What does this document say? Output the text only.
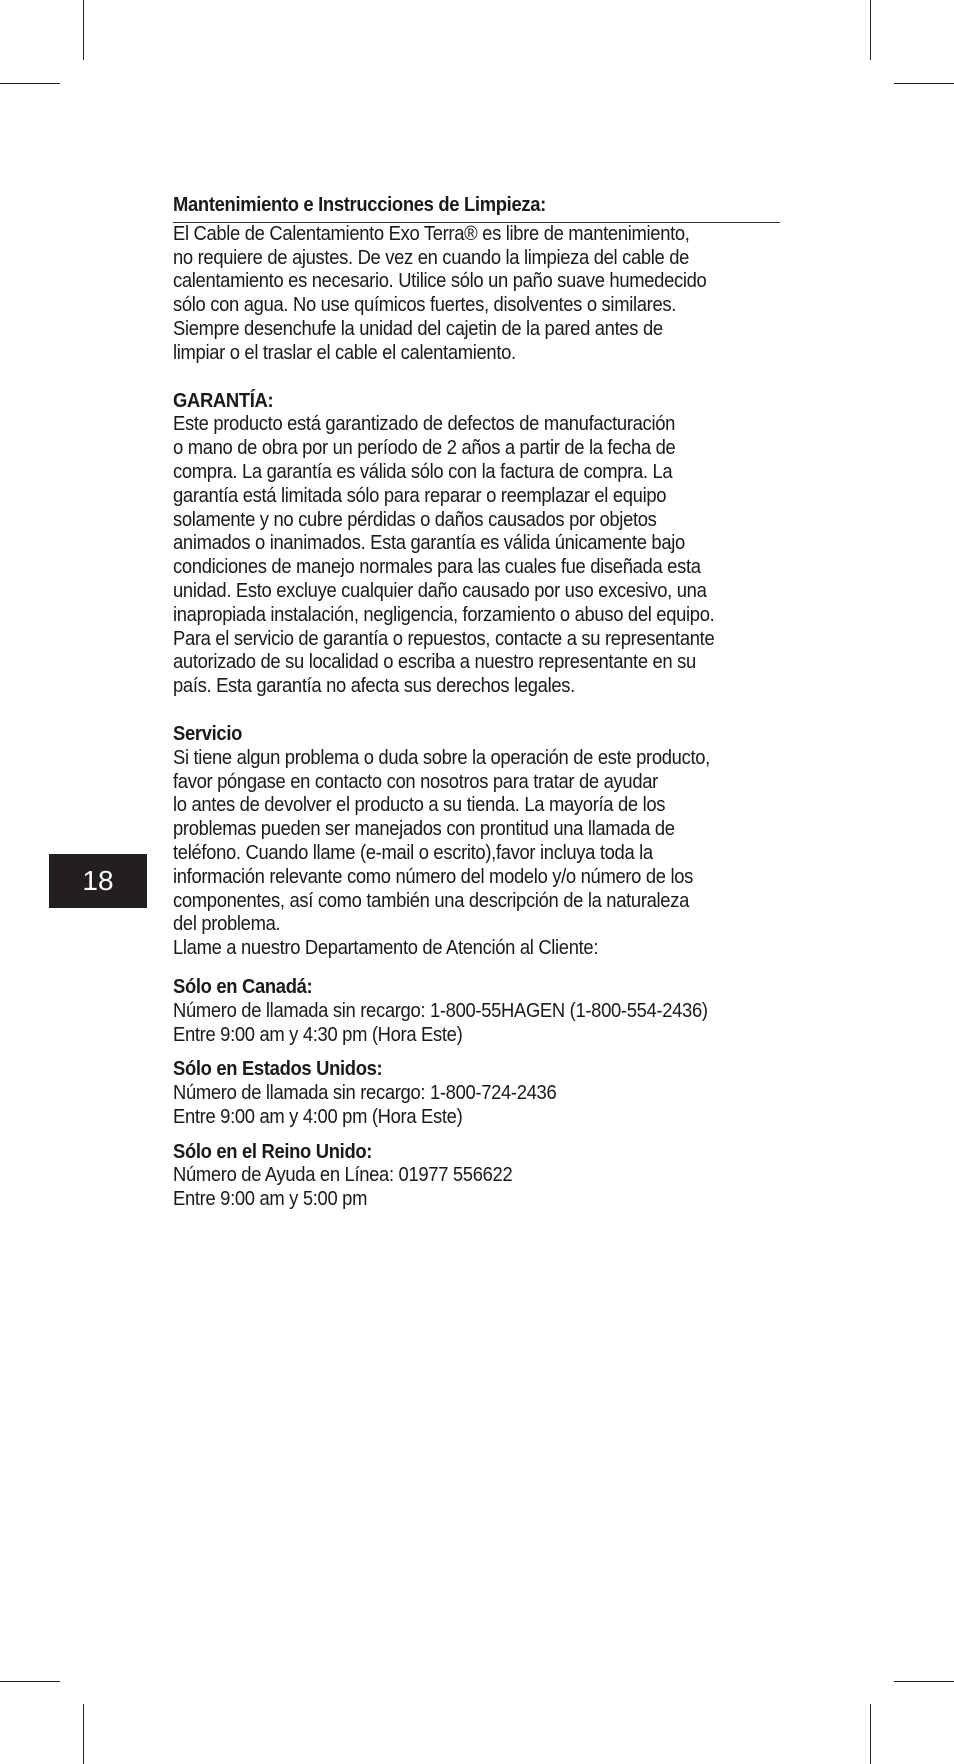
18

Mantenimiento e Instrucciones de Limpieza:

El Cable de Calentamiento Exo Terra® es libre de mantenimiento,

no requiere de ajustes. De vez en cuando la limpieza del cable de

calentamiento es necesario. Utilice sólo un paño suave humedecido

sólo con agua. No use químicos fuertes, disolventes o similares.

Siempre desenchufe la unidad del cajetin de la pared antes de

limpiar o el traslar el cable el calentamiento.

GARANTÍA:

Este producto está garantizado de defectos de manufacturación

o mano de obra por un período de 2 años a partir de la fecha de

compra. La garantía es válida sólo con la factura de compra. La

garantía está limitada sólo para reparar o reemplazar el equipo

solamente y no cubre pérdidas o daños causados por objetos

animados o inanimados. Esta garantía es válida únicamente bajo

condiciones de manejo normales para las cuales fue diseñada esta

unidad. Esto excluye cualquier daño causado por uso excesivo, una

inapropiada instalación, negligencia, forzamiento o abuso del equipo.

Para el servicio de garantía o repuestos, contacte a su representante

autorizado de su localidad o escriba a nuestro representante en su

país. Esta garantía no afecta sus derechos legales.

Servicio

Si tiene algun problema o duda sobre la operación de este producto,

favor póngase en contacto con nosotros para tratar de ayudar

lo antes de devolver el producto a su tienda. La mayoría de los

problemas pueden ser manejados con prontitud una llamada de

teléfono. Cuando llame (e-mail o escrito),favor incluya toda la

información relevante como número del modelo y/o número de los

componentes, así como también una descripción de la naturaleza

del problema.

Llame a nuestro Departamento de Atención al Cliente:

Sólo en Canadá:

Número de llamada sin recargo: 1-800-55HAGEN (1-800-554-2436)

Entre 9:00 am y 4:30 pm (Hora Este)

Sólo en Estados Unidos:

Número de llamada sin recargo: 1-800-724-2436

Entre 9:00 am y 4:00 pm (Hora Este)

Sólo en el Reino Unido:

Número de Ayuda en Línea: 01977 556622

Entre 9:00 am y 5:00 pm
